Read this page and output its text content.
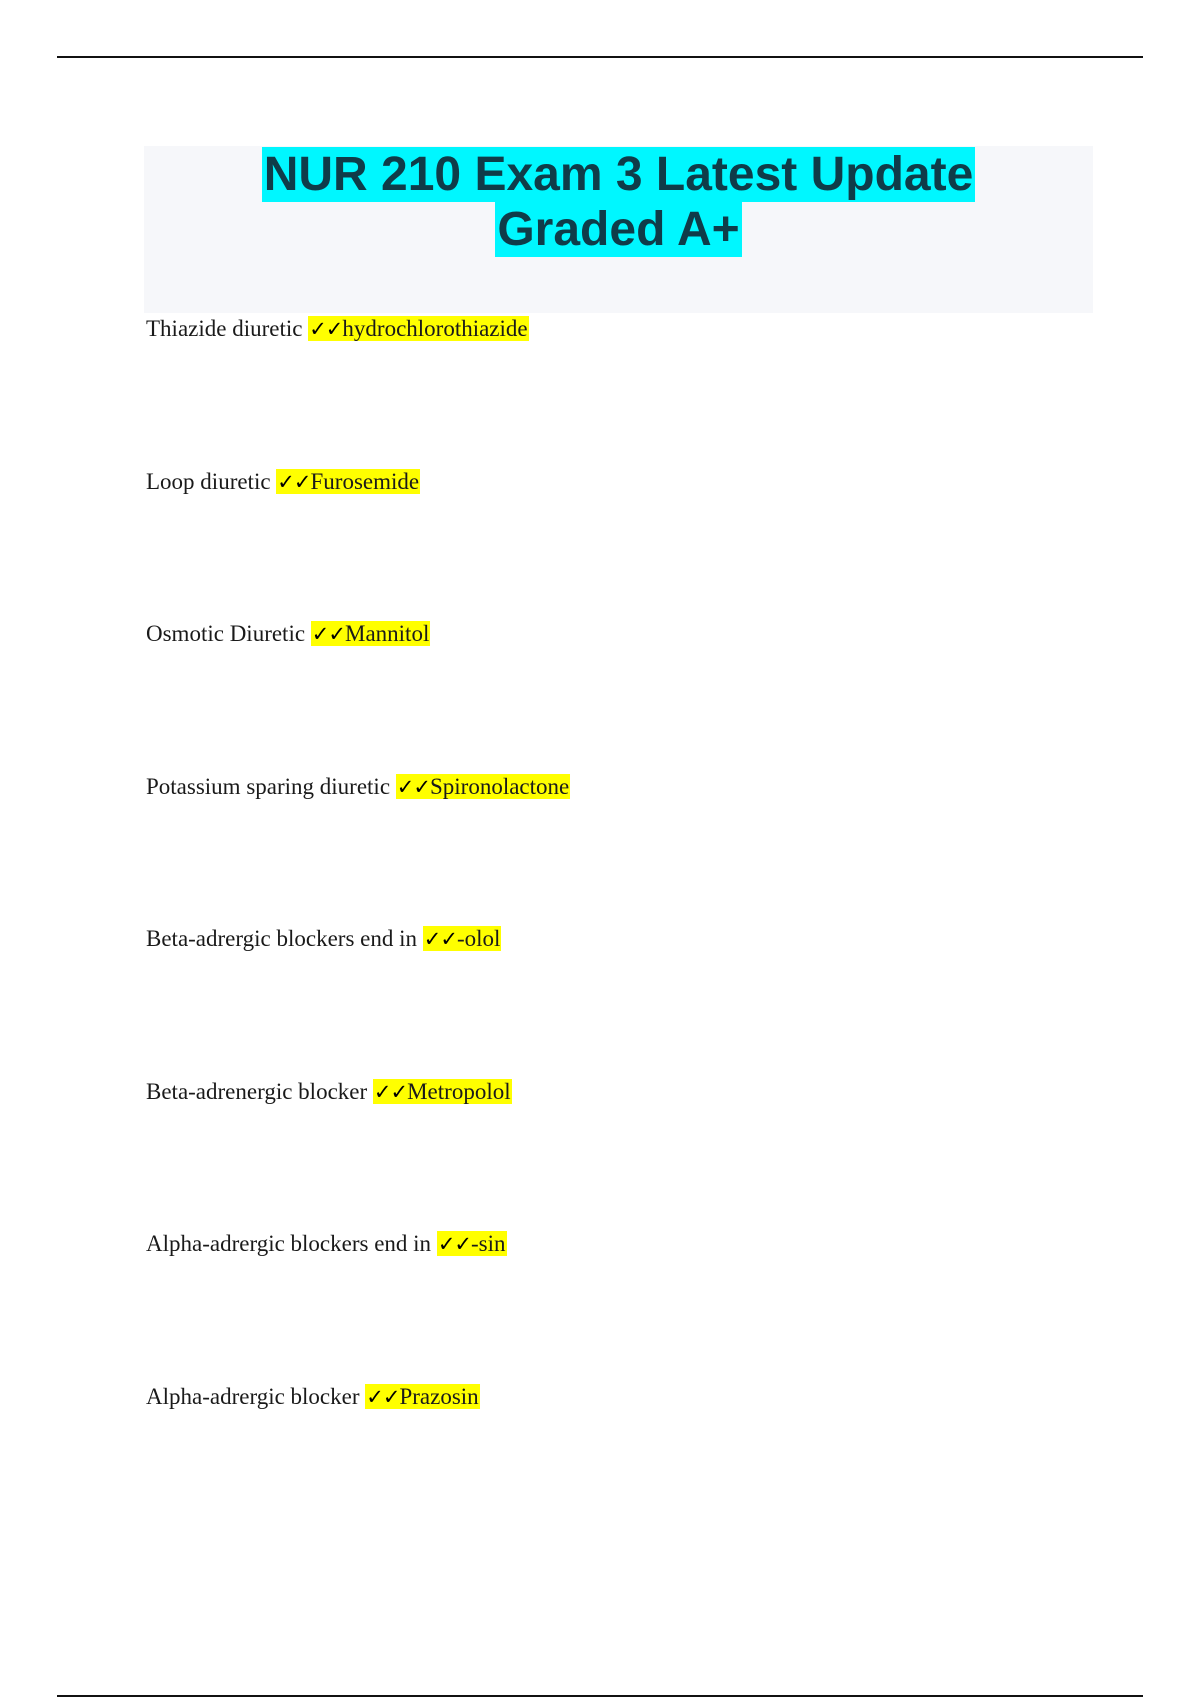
NUR 210 Exam 3 Latest Update
Graded A+
Thiazide diuretic ✓✓hydrochlorothiazide
Loop diuretic ✓✓Furosemide
Osmotic Diuretic ✓✓Mannitol
Potassium sparing diuretic ✓✓Spironolactone
Beta-adrergic blockers end in ✓✓-olol
Beta-adrenergic blocker ✓✓Metropolol
Alpha-adrergic blockers end in ✓✓-sin
Alpha-adrergic blocker ✓✓Prazosin
